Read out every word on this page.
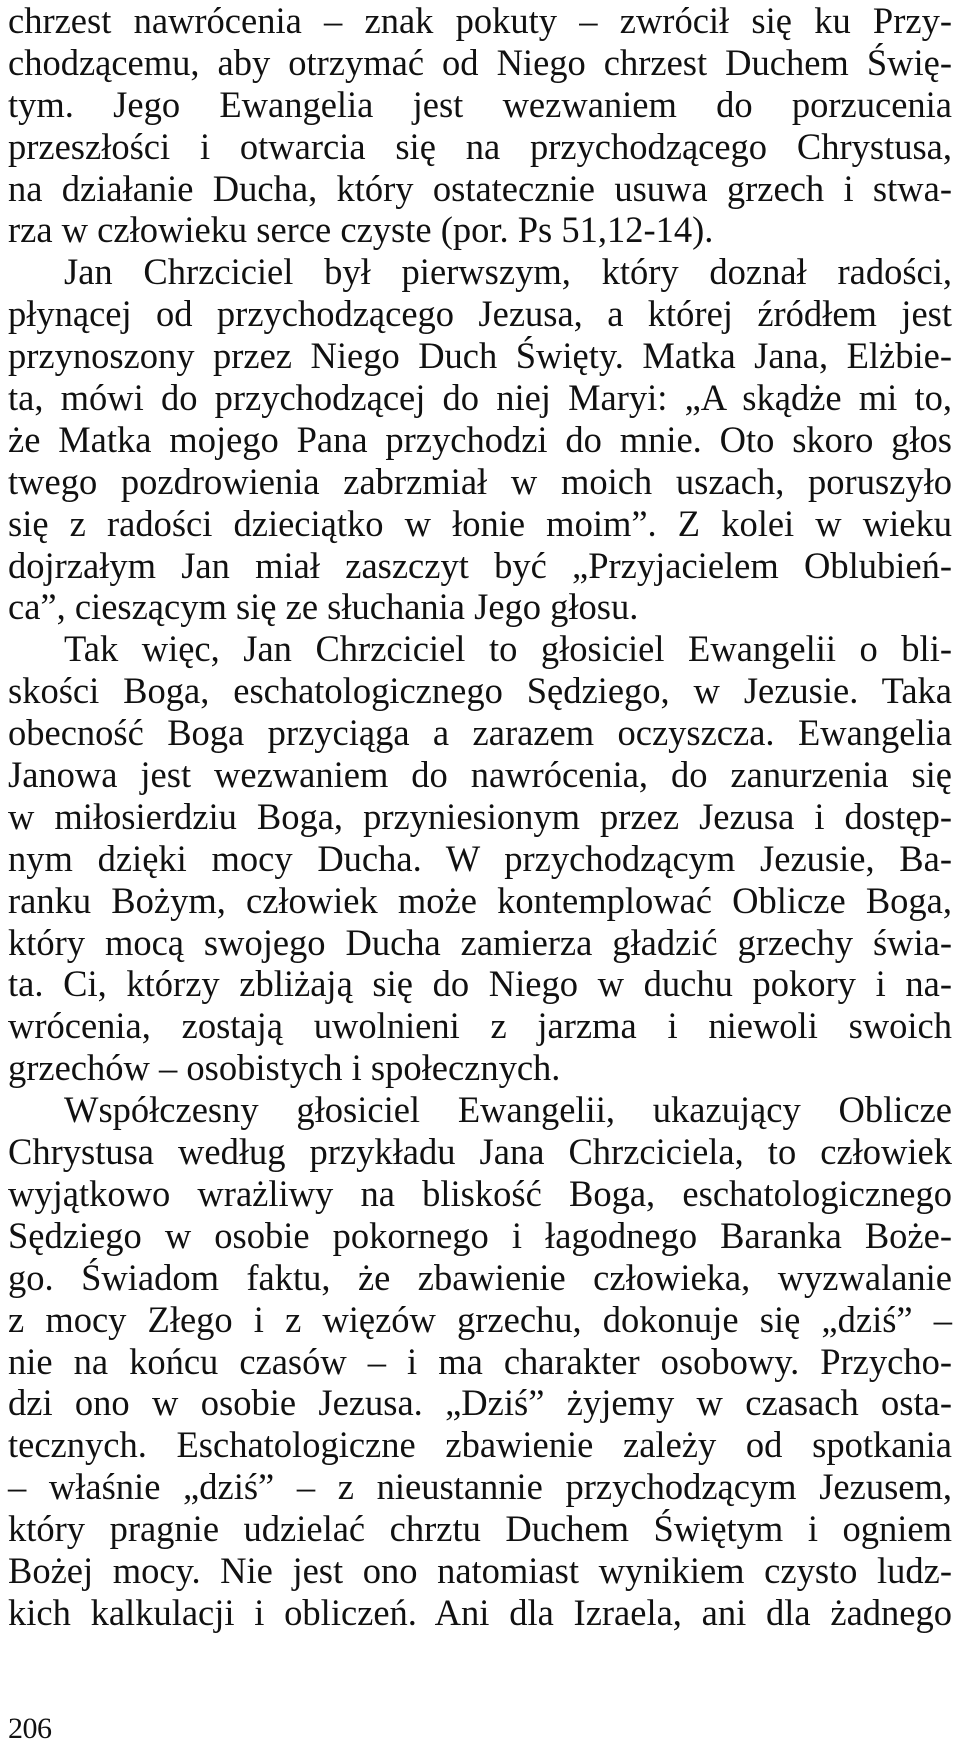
chrzest nawrócenia – znak pokuty – zwrócił się ku Przy-
chodzącemu, aby otrzymać od Niego chrzest Duchem Świę-
tym. Jego Ewangelia jest wezwaniem do porzucenia
przeszłości i otwarcia się na przychodzącego Chrystusa,
na działanie Ducha, który ostatecznie usuwa grzech i stwa-
rza w człowieku serce czyste (por. Ps 51,12-14).
Jan Chrzciciel był pierwszym, który doznał radości,
płynącej od przychodzącego Jezusa, a której źródłem jest
przynoszony przez Niego Duch Święty. Matka Jana, Elżbie-
ta, mówi do przychodzącej do niej Maryi: „A skądże mi to,
że Matka mojego Pana przychodzi do mnie. Oto skoro głos
twego pozdrowienia zabrzmiał w moich uszach, poruszyło
się z radości dzieciątko w łonie moim”. Z kolei w wieku
dojrzałym Jan miał zaszczyt być „Przyjacielem Oblubień-
ca”, cieszącym się ze słuchania Jego głosu.
Tak więc, Jan Chrzciciel to głosiciel Ewangelii o bli-
skości Boga, eschatologicznego Sędziego, w Jezusie. Taka
obecność Boga przyciąga a zarazem oczyszcza. Ewangelia
Janowa jest wezwaniem do nawrócenia, do zanurzenia się
w miłosierdziu Boga, przyniesionym przez Jezusa i dostęp-
nym dzięki mocy Ducha. W przychodzącym Jezusie, Ba-
ranku Bożym, człowiek może kontemplować Oblicze Boga,
który mocą swojego Ducha zamierza gładzić grzechy świa-
ta. Ci, którzy zbliżają się do Niego w duchu pokory i na-
wrócenia, zostają uwolnieni z jarzma i niewoli swoich
grzechów – osobistych i społecznych.
Współczesny głosiciel Ewangelii, ukazujący Oblicze
Chrystusa według przykładu Jana Chrzciciela, to człowiek
wyjątkowo wrażliwy na bliskość Boga, eschatologicznego
Sędziego w osobie pokornego i łagodnego Baranka Boże-
go. Świadom faktu, że zbawienie człowieka, wyzwalanie
z mocy Złego i z więzów grzechu, dokonuje się „dziś” –
nie na końcu czasów – i ma charakter osobowy. Przycho-
dzi ono w osobie Jezusa. „Dziś” żyjemy w czasach osta-
tecznych. Eschatologiczne zbawienie zależy od spotkania
– właśnie „dziś” – z nieustannie przychodzącym Jezusem,
który pragnie udzielać chrztu Duchem Świętym i ogniem
Bożej mocy. Nie jest ono natomiast wynikiem czysto ludz-
kich kalkulacji i obliczeń. Ani dla Izraela, ani dla żadnego
206
